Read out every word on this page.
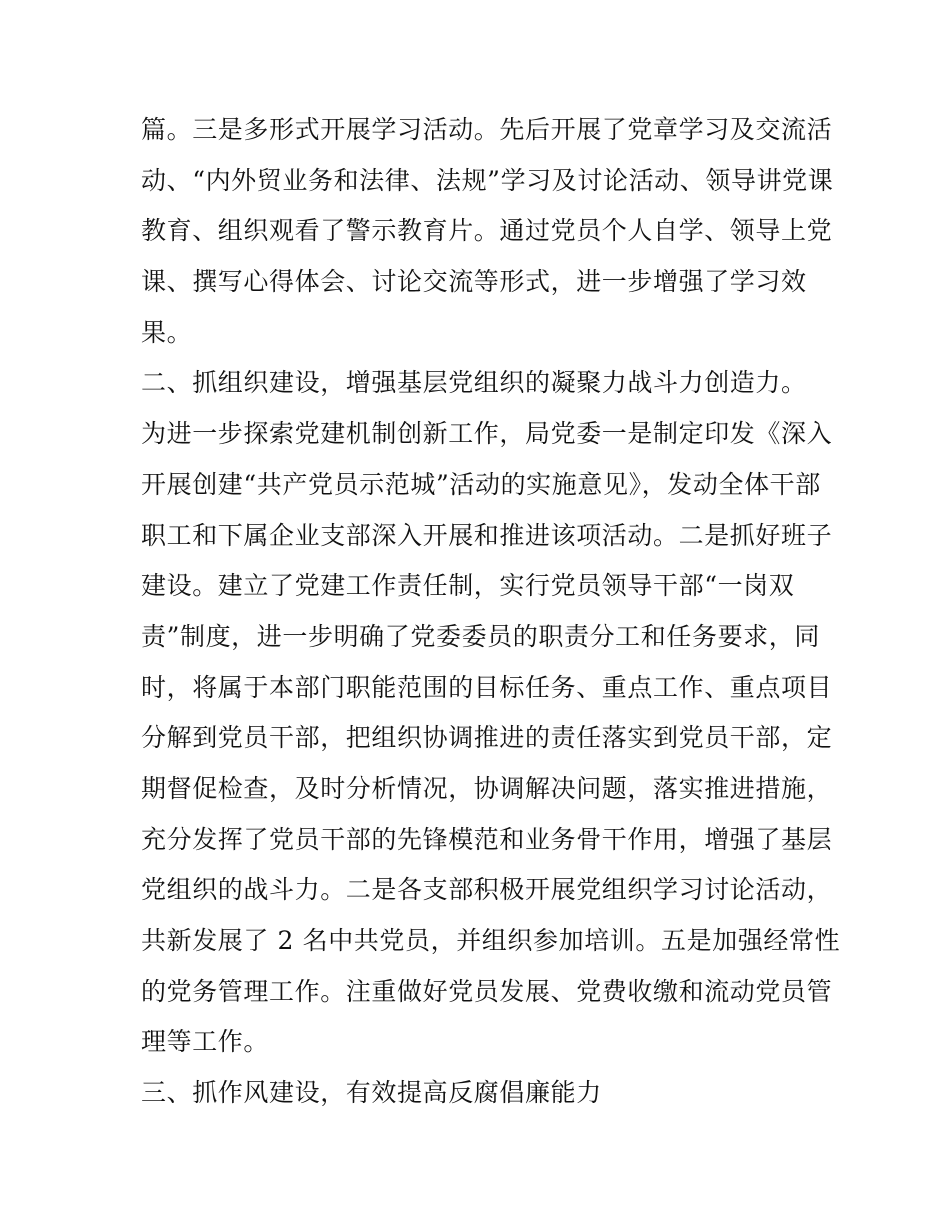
篇。三是多形式开展学习活动。先后开展了党章学习及交流活
动、“内外贸业务和法律、法规”学习及讨论活动、领导讲党课
教育、组织观看了警示教育片。通过党员个人自学、领导上党
课、撰写心得体会、讨论交流等形式，进一步增强了学习效
果。
二、抓组织建设，增强基层党组织的凝聚力战斗力创造力。
为进一步探索党建机制创新工作，局党委一是制定印发《深入
开展创建“共产党员示范城”活动的实施意见》，发动全体干部
职工和下属企业支部深入开展和推进该项活动。二是抓好班子
建设。建立了党建工作责任制，实行党员领导干部“一岗双
责”制度，进一步明确了党委委员的职责分工和任务要求，同
时，将属于本部门职能范围的目标任务、重点工作、重点项目
分解到党员干部，把组织协调推进的责任落实到党员干部，定
期督促检查，及时分析情况，协调解决问题，落实推进措施，
充分发挥了党员干部的先锋模范和业务骨干作用，增强了基层
党组织的战斗力。二是各支部积极开展党组织学习讨论活动，
共新发展了 2 名中共党员，并组织参加培训。五是加强经常性
的党务管理工作。注重做好党员发展、党费收缴和流动党员管
理等工作。
三、抓作风建设，有效提高反腐倡廉能力
